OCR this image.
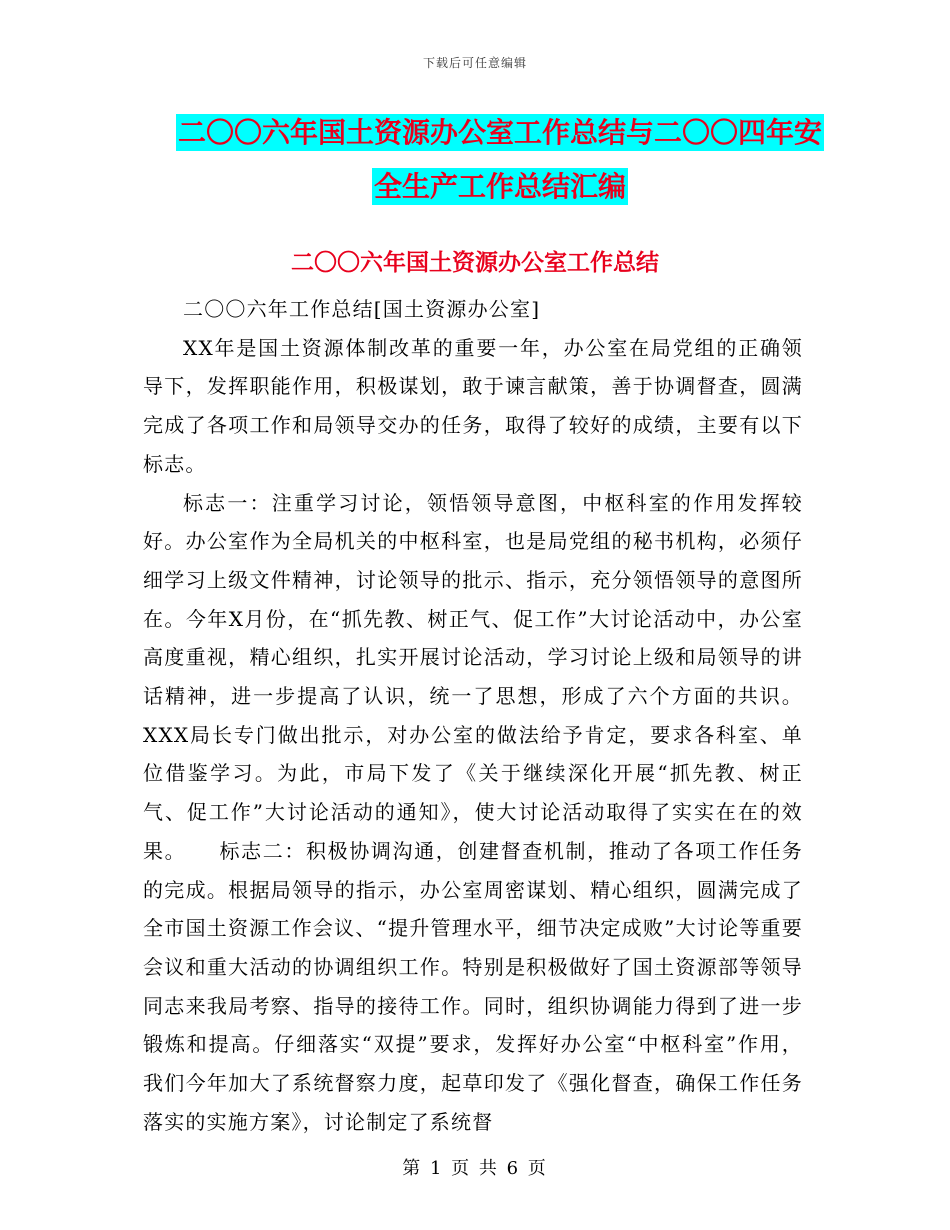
下载后可任意编辑
二〇〇六年国土资源办公室工作总结与二〇〇四年安
全生产工作总结汇编
二〇〇六年国土资源办公室工作总结

二〇〇六年工作总结[国土资源办公室]

XX年是国土资源体制改革的重要一年，办公室在局党组的正确领导下，发挥职能作用，积极谋划，敢于谏言献策，善于协调督查，圆满完成了各项工作和局领导交办的任务，取得了较好的成绩，主要有以下标志。

标志一：注重学习讨论，领悟领导意图，中枢科室的作用发挥较好。办公室作为全局机关的中枢科室，也是局党组的秘书机构，必须仔细学习上级文件精神，讨论领导的批示、指示，充分领悟领导的意图所在。今年X月份，在“抓先教、树正气、促工作”大讨论活动中，办公室高度重视，精心组织，扎实开展讨论活动，学习讨论上级和局领导的讲话精神，进一步提高了认识，统一了思想，形成了六个方面的共识。XXX局长专门做出批示，对办公室的做法给予肯定，要求各科室、单位借鉴学习。为此，市局下发了《关于继续深化开展“抓先教、树正气、促工作”大讨论活动的通知》，使大讨论活动取得了实实在在的效果。　　标志二：积极协调沟通，创建督查机制，推动了各项工作任务的完成。根据局领导的指示，办公室周密谋划、精心组织，圆满完成了全市国土资源工作会议、“提升管理水平，细节决定成败”大讨论等重要会议和重大活动的协调组织工作。特别是积极做好了国土资源部等领导同志来我局考察、指导的接待工作。同时，组织协调能力得到了进一步锻炼和提高。仔细落实“双提”要求，发挥好办公室“中枢科室”作用，我们今年加大了系统督察力度，起草印发了《强化督查，确保工作任务落实的实施方案》，讨论制定了系统督

第 1 页 共 6 页
